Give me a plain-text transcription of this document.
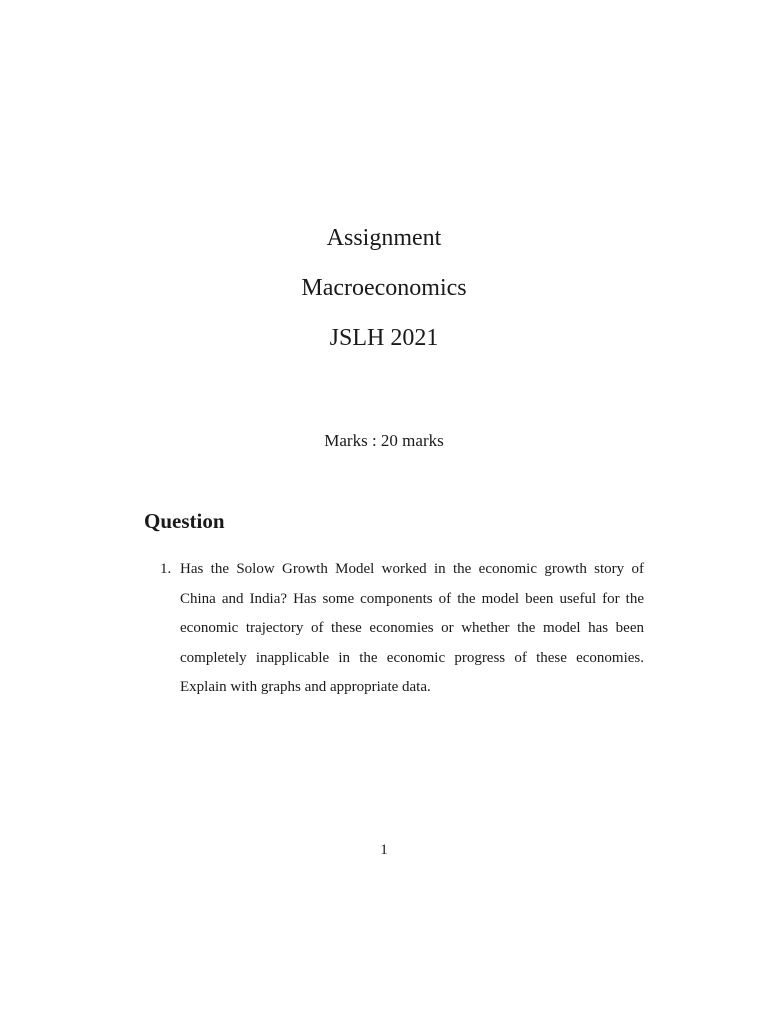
Assignment
Macroeconomics
JSLH 2021
Marks : 20 marks
Question
1. Has the Solow Growth Model worked in the economic growth story of China and India? Has some components of the model been useful for the economic trajectory of these economies or whether the model has been completely inapplicable in the economic progress of these economies. Explain with graphs and appropriate data.
1
